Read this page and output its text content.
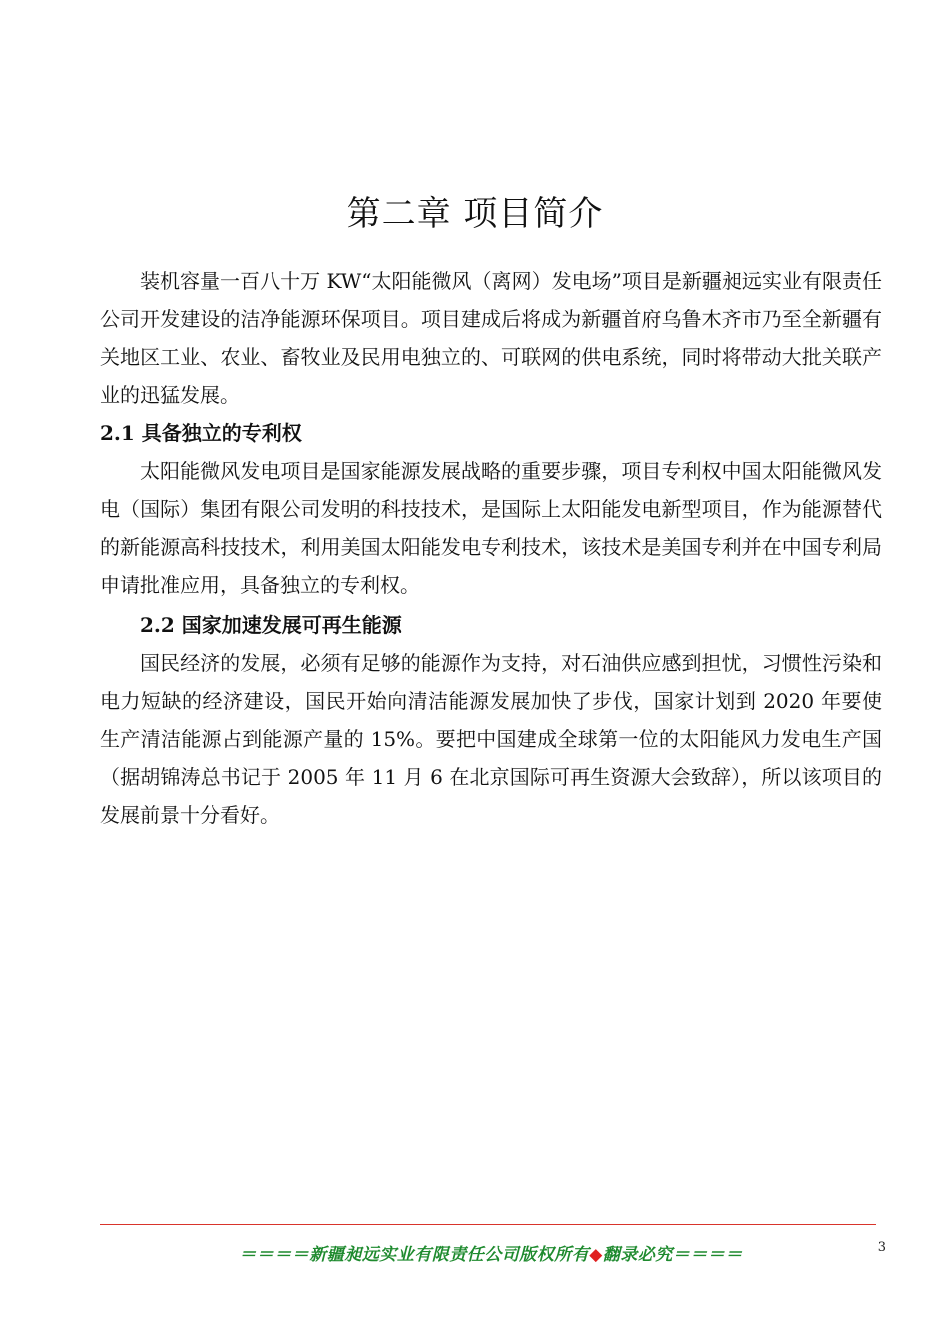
第二章 项目简介

装机容量一百八十万 KW“太阳能微风（离网）发电场”项目是新疆昶远实业有限责任公司开发建设的洁净能源环保项目。项目建成后将成为新疆首府乌鲁木齐市乃至全新疆有关地区工业、农业、畜牧业及民用电独立的、可联网的供电系统，同时将带动大批关联产业的迅猛发展。

2.1 具备独立的专利权

太阳能微风发电项目是国家能源发展战略的重要步骤，项目专利权中国太阳能微风发电（国际）集团有限公司发明的科技技术，是国际上太阳能发电新型项目，作为能源替代的新能源高科技技术，利用美国太阳能发电专利技术，该技术是美国专利并在中国专利局申请批准应用，具备独立的专利权。

2.2 国家加速发展可再生能源

国民经济的发展，必须有足够的能源作为支持，对石油供应感到担忧，习惯性污染和电力短缺的经济建设，国民开始向清洁能源发展加快了步伐，国家计划到 2020 年要使生产清洁能源占到能源产量的 15%。要把中国建成全球第一位的太阳能风力发电生产国（据胡锦涛总书记于 2005 年 11 月 6 在北京国际可再生资源大会致辞），所以该项目的发展前景十分看好。

＝＝＝＝新疆昶远实业有限责任公司版权所有◆翻录必究＝＝＝＝	3
